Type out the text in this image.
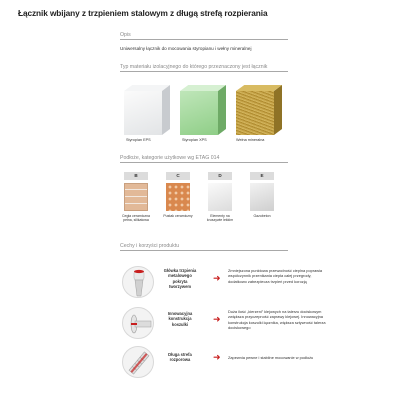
Łącznik wbijany z trzpieniem stalowym z długą strefą rozpierania
Opis
Uniwersalny łącznik do mocowania styropianu i wełny mineralnej
Typ materiału izolacyjnego do którego przeznaczony jest łącznik
Styropian EPS	Styropian XPS	Wełna mineralna
Podłoże, kategorie użytkowe wg ETAG 014
B	C	D	E
Cegła ceramiczna pełna, silikatowa
Pustak ceramiczny	Elementy na kruszywie lekkim
Gazobeton
Cechy i korzyści produktu
Główka trzpienia metalowego pokryta tworzywem
➜
Zmniejszona punktowa przewodność cieplna poprawia współczynnik przenikania ciepła całej przegrody, dodatkowo zabezpiecza trzpień przed korozją
Innowacyjna konstrukcja koszulki
➜
Duża ilość „kierzeni” klejowych na talerzu dociskowym zwiększa przyczepność zaprawy klejowej. Innowacyjna konstrukcja koszulki łącznika, większa sztywność talerza dociskowego
Długa strefa rozporowa	➜ Zapewnia pewne i stabilne mocowanie w podłożu
